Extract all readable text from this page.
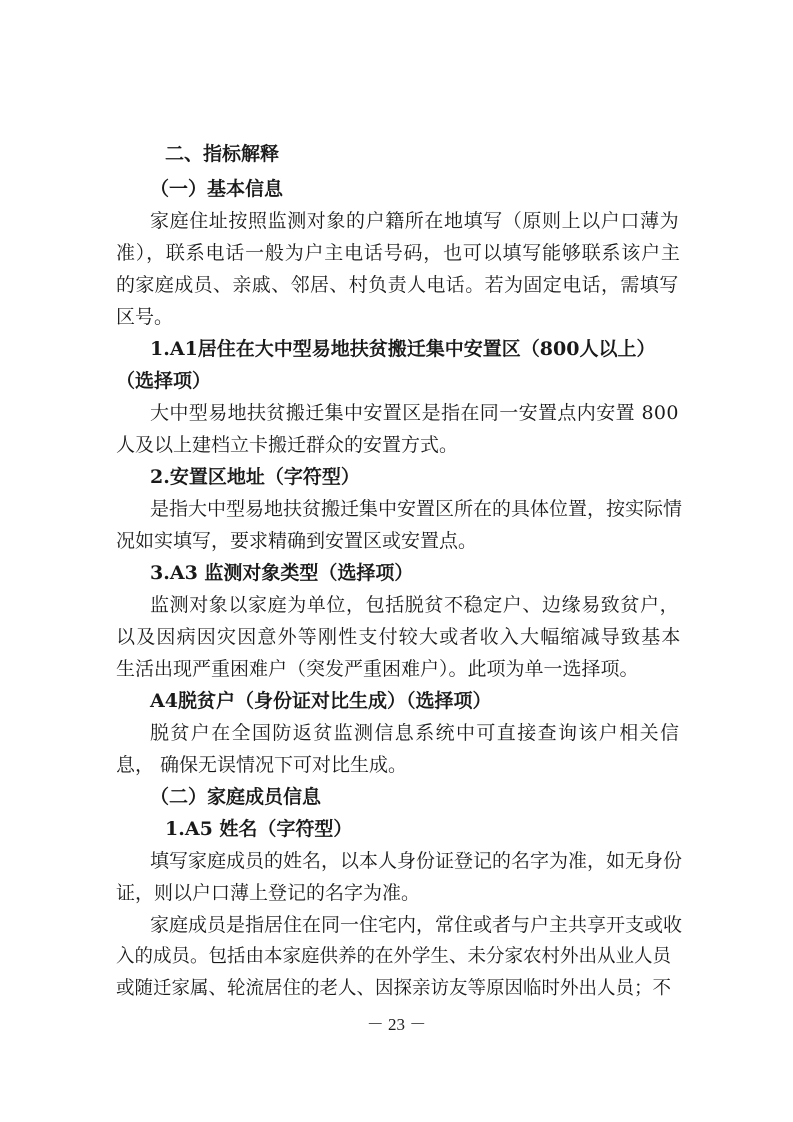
二、指标解释
（一）基本信息
家庭住址按照监测对象的户籍所在地填写（原则上以户口薄为
准），联系电话一般为户主电话号码，也可以填写能够联系该户主
的家庭成员、亲戚、邻居、村负责人电话。若为固定电话，需填写
区号。
1.A1居住在大中型易地扶贫搬迁集中安置区（800人以上）
（选择项）
大中型易地扶贫搬迁集中安置区是指在同一安置点内安置 800
人及以上建档立卡搬迁群众的安置方式。
2.安置区地址（字符型）
是指大中型易地扶贫搬迁集中安置区所在的具体位置，按实际情
况如实填写，要求精确到安置区或安置点。
3.A3 监测对象类型（选择项）
监测对象以家庭为单位，包括脱贫不稳定户、边缘易致贫户，
以及因病因灾因意外等刚性支付较大或者收入大幅缩减导致基本
生活出现严重困难户（突发严重困难户）。此项为单一选择项。
A4脱贫户（身份证对比生成）（选择项）
脱贫户在全国防返贫监测信息系统中可直接查询该户相关信
息， 确保无误情况下可对比生成。
（二）家庭成员信息
1.A5 姓名（字符型）
填写家庭成员的姓名，以本人身份证登记的名字为准，如无身份
证，则以户口薄上登记的名字为准。
家庭成员是指居住在同一住宅内，常住或者与户主共享开支或收
入的成员。包括由本家庭供养的在外学生、未分家农村外出从业人员
或随迁家属、轮流居住的老人、因探亲访友等原因临时外出人员；不
－ 23 －
